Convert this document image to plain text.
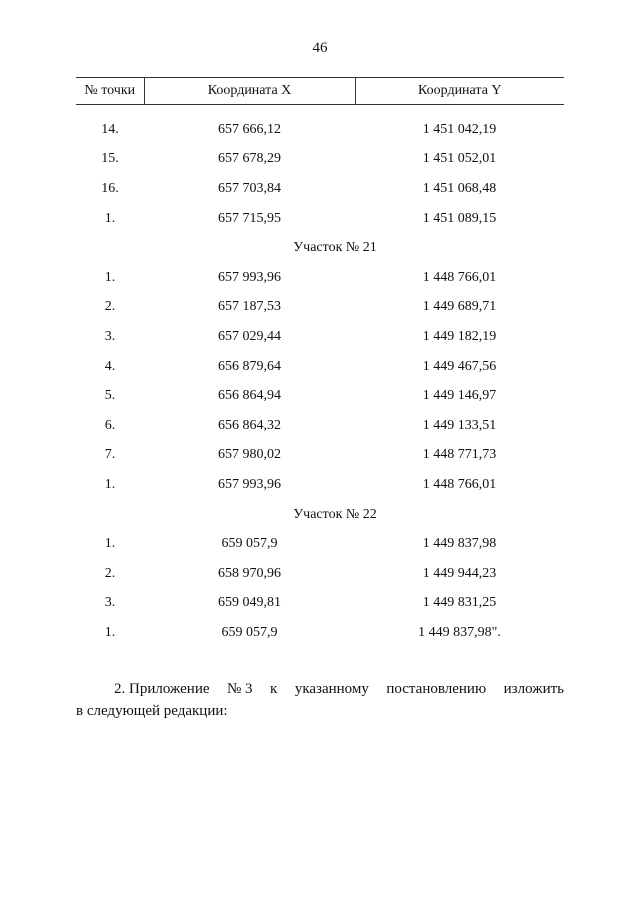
46
№ точки	Координата X	Координата Y

14.	657 666,12	1 451 042,19
15.	657 678,29	1 451 052,01
16.	657 703,84	1 451 068,48
1.	657 715,95	1 451 089,15
Участок № 21		
1.	657 993,96	1 448 766,01
2.	657 187,53	1 449 689,71
3.	657 029,44	1 449 182,19
4.	656 879,64	1 449 467,56
5.	656 864,94	1 449 146,97
6.	656 864,32	1 449 133,51
7.	657 980,02	1 448 771,73
1.	657 993,96	1 448 766,01
Участок № 22		
1.	659 057,9	1 449 837,98
2.	658 970,96	1 449 944,23
3.	659 049,81	1 449 831,25
1.	659 057,9	1 449 837,98".
2. Приложение № 3 к указанному постановлению изложить
в следующей редакции:
